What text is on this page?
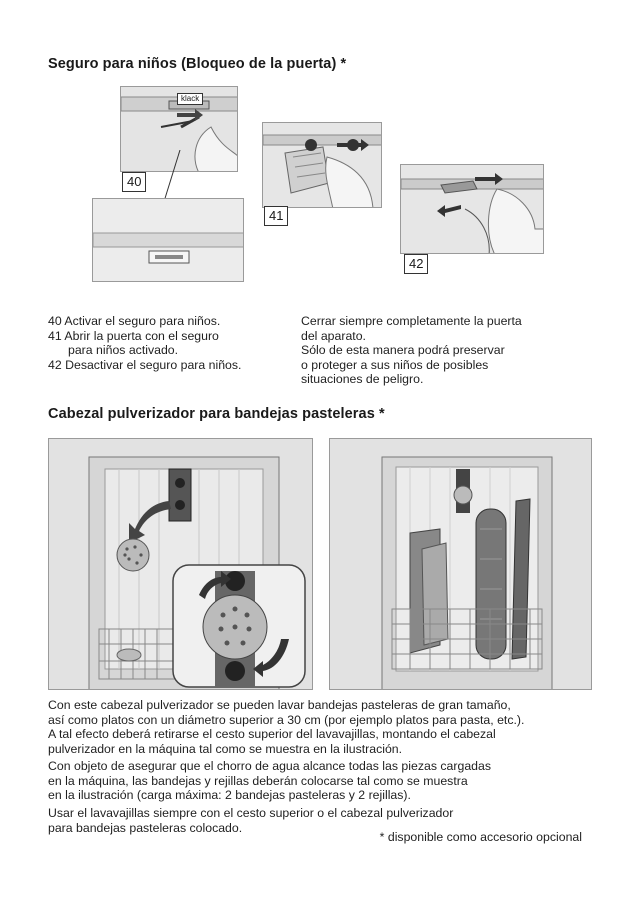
Seguro para niños (Bloqueo de la puerta) *
klack
40
41
42
40 Activar el seguro para niños.
41 Abrir la puerta con el seguro
para niños activado.
42 Desactivar el seguro para niños.
Cerrar siempre completamente la puerta
del aparato.
Sólo de esta manera podrá preservar
o proteger a sus niños de posibles
situaciones de peligro.
Cabezal pulverizador para bandejas pasteleras *
Con este cabezal pulverizador se pueden lavar bandejas pasteleras de gran tamaño,
así como platos con un diámetro superior a 30 cm (por ejemplo platos para pasta, etc.).
A tal efecto deberá retirarse el cesto superior del lavavajillas, montando el cabezal
pulverizador en la máquina tal como se muestra en la ilustración.
Con objeto de asegurar que el chorro de agua alcance todas las piezas cargadas
en la máquina, las bandejas y rejillas deberán colocarse tal como se muestra
en la ilustración (carga máxima: 2 bandejas pasteleras y 2 rejillas).
Usar el lavavajillas siempre con el cesto superior o el cabezal pulverizador
para bandejas pasteleras colocado.
* disponible como accesorio opcional
